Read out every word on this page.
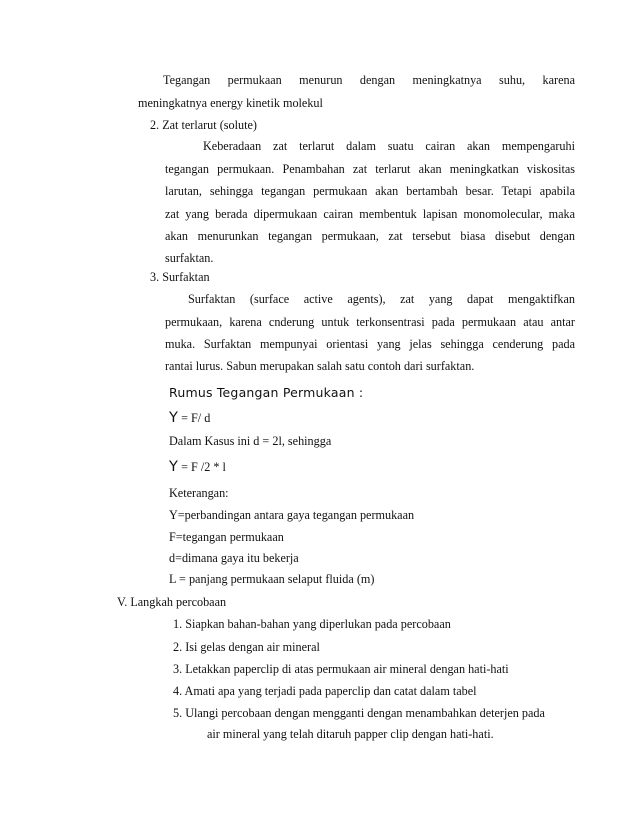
Tegangan permukaan menurun dengan meningkatnya suhu, karena
meningkatnya energy kinetik molekul
2. Zat terlarut (solute)
Keberadaan zat terlarut dalam suatu cairan akan mempengaruhi
tegangan permukaan. Penambahan zat terlarut akan meningkatkan viskositas
larutan, sehingga tegangan permukaan akan bertambah besar. Tetapi apabila
zat yang berada dipermukaan cairan membentuk lapisan monomolecular, maka
akan menurunkan tegangan permukaan, zat tersebut biasa disebut dengan
surfaktan.
3. Surfaktan
Surfaktan (surface active agents), zat yang dapat mengaktifkan
permukaan, karena cnderung untuk terkonsentrasi pada permukaan atau antar
muka. Surfaktan mempunyai orientasi yang jelas sehingga cenderung pada
rantai lurus. Sabun merupakan salah satu contoh dari surfaktan.
Rumus Tegangan Permukaan :
Y = F/ d
Dalam Kasus ini d = 2l, sehingga
Y = F /2 * l
Keterangan:
Y=perbandingan antara gaya tegangan permukaan
F=tegangan permukaan
d=dimana gaya itu bekerja
L = panjang permukaan selaput fluida (m)
V. Langkah percobaan
1. Siapkan bahan-bahan yang diperlukan pada percobaan
2. Isi gelas dengan air mineral
3. Letakkan paperclip di atas permukaan air mineral dengan hati-hati
4. Amati apa yang terjadi pada paperclip dan catat dalam tabel
5. Ulangi percobaan dengan mengganti dengan menambahkan deterjen pada
air mineral yang telah ditaruh papper clip dengan hati-hati.
